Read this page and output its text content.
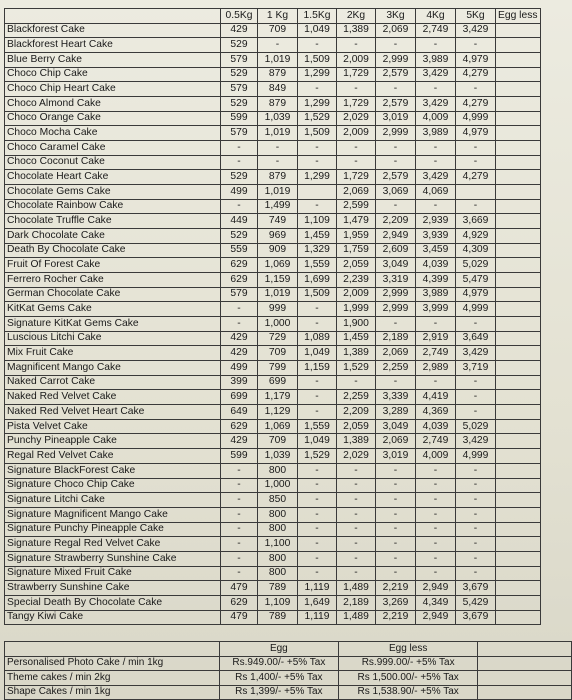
	0.5Kg	1 Kg	1.5Kg	2Kg	3Kg	4Kg	5Kg	Egg less
Blackforest Cake	429	709	1,049	1,389	2,069	2,749	3,429	
Blackforest Heart Cake	529	-	-	-	-	-	-	
Blue Berry Cake	579	1,019	1,509	2,009	2,999	3,989	4,979	
Choco Chip Cake	529	879	1,299	1,729	2,579	3,429	4,279	
Choco Chip Heart Cake	579	849	-	-	-	-	-	
Choco Almond Cake	529	879	1,299	1,729	2,579	3,429	4,279	
Choco Orange Cake	599	1,039	1,529	2,029	3,019	4,009	4,999	
Choco Mocha Cake	579	1,019	1,509	2,009	2,999	3,989	4,979	
Choco Caramel Cake	-	-	-	-	-	-	-	
Choco Coconut Cake	-	-	-	-	-	-	-	
Chocolate Heart Cake	529	879	1,299	1,729	2,579	3,429	4,279	
Chocolate Gems Cake	499	1,019		2,069	3,069	4,069		
Chocolate Rainbow Cake	-	1,499	-	2,599	-	-	-	
Chocolate Truffle Cake	449	749	1,109	1,479	2,209	2,939	3,669	
Dark Chocolate Cake	529	969	1,459	1,959	2,949	3,939	4,929	
Death By Chocolate Cake	559	909	1,329	1,759	2,609	3,459	4,309	
Fruit Of Forest Cake	629	1,069	1,559	2,059	3,049	4,039	5,029	
Ferrero Rocher Cake	629	1,159	1,699	2,239	3,319	4,399	5,479	
German Chocolate Cake	579	1,019	1,509	2,009	2,999	3,989	4,979	
KitKat Gems Cake	-	999	-	1,999	2,999	3,999	4,999	
Signature KitKat Gems Cake	-	1,000	-	1,900	-	-	-	
Luscious Litchi Cake	429	729	1,089	1,459	2,189	2,919	3,649	
Mix Fruit Cake	429	709	1,049	1,389	2,069	2,749	3,429	
Magnificent Mango Cake	499	799	1,159	1,529	2,259	2,989	3,719	
Naked Carrot Cake	399	699	-	-	-	-	-	
Naked Red Velvet Cake	699	1,179	-	2,259	3,339	4,419	-	
Naked Red Velvet Heart Cake	649	1,129	-	2,209	3,289	4,369	-	
Pista Velvet Cake	629	1,069	1,559	2,059	3,049	4,039	5,029	
Punchy Pineapple Cake	429	709	1,049	1,389	2,069	2,749	3,429	
Regal Red Velvet Cake	599	1,039	1,529	2,029	3,019	4,009	4,999	
Signature BlackForest Cake	-	800	-	-	-	-	-	
Signature Choco Chip Cake	-	1,000	-	-	-	-	-	
Signature Litchi Cake	-	850	-	-	-	-	-	
Signature Magnificent Mango Cake	-	800	-	-	-	-	-	
Signature Punchy Pineapple Cake	-	800	-	-	-	-	-	
Signature Regal Red Velvet Cake	-	1,100	-	-	-	-	-	
Signature Strawberry Sunshine Cake	-	800	-	-	-	-	-	
Signature Mixed Fruit Cake	-	800	-	-	-	-	-	
Strawberry Sunshine Cake	479	789	1,119	1,489	2,219	2,949	3,679	
Special Death By Chocolate Cake	629	1,109	1,649	2,189	3,269	4,349	5,429	
Tangy Kiwi Cake	479	789	1,119	1,489	2,219	2,949	3,679	
	Egg	Egg less	
Personalised Photo Cake / min 1kg	Rs.949.00/- +5% Tax	Rs.999.00/- +5% Tax	
Theme cakes / min 2kg	Rs 1,400/- +5% Tax	Rs 1,500.00/- +5% Tax	
Shape Cakes / min 1kg	Rs 1,399/- +5% Tax	Rs 1,538.90/- +5% Tax	
